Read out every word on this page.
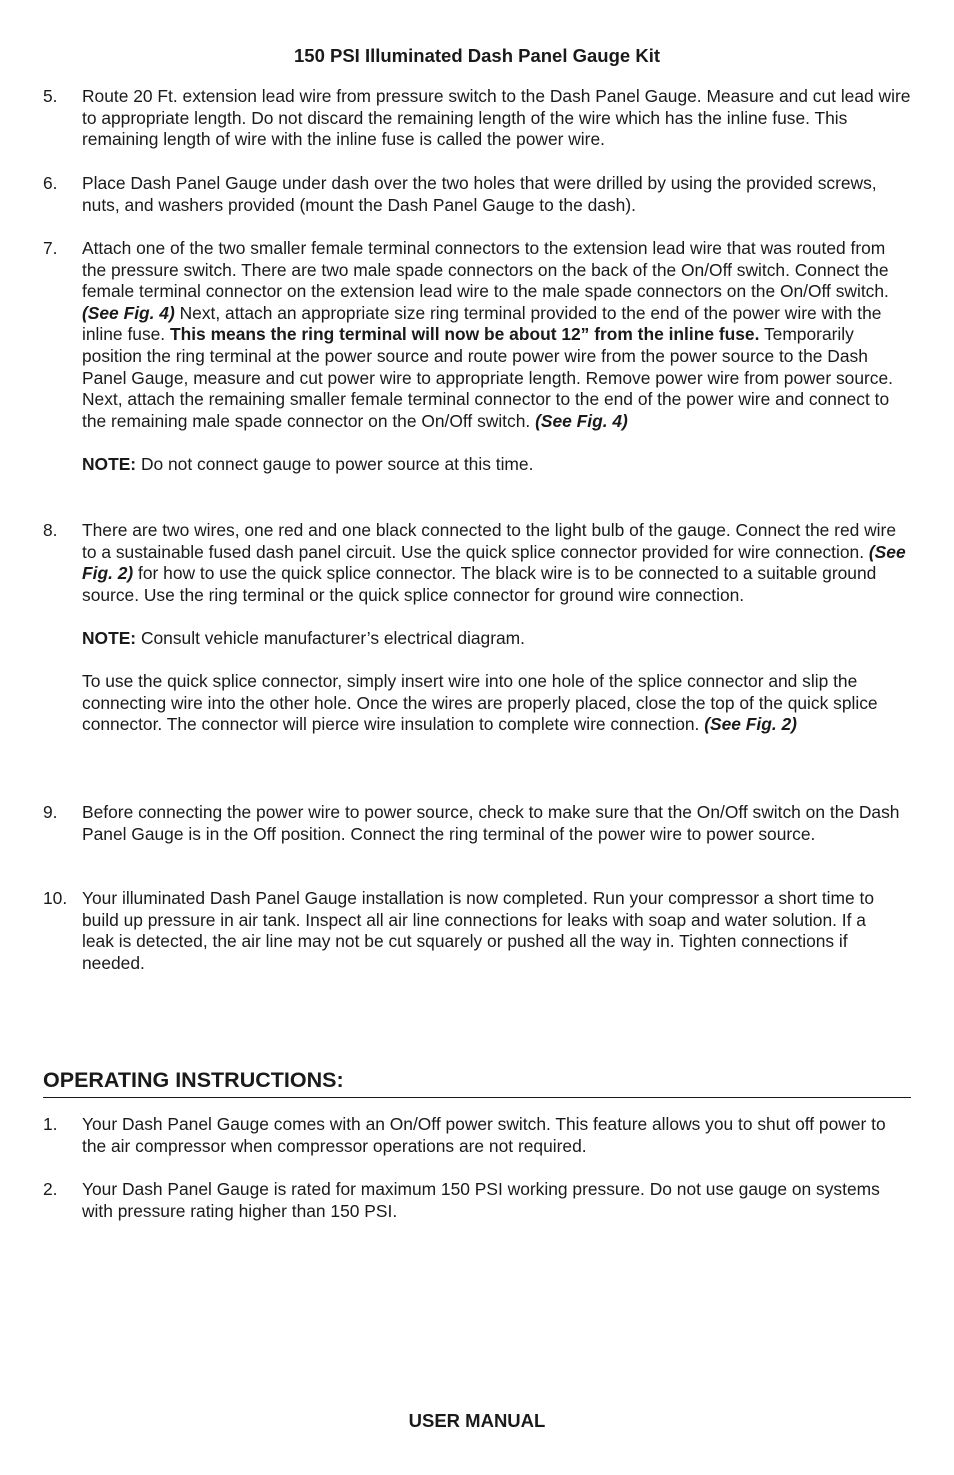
150 PSI Illuminated Dash Panel Gauge Kit
5.	Route 20 Ft. extension lead wire from pressure switch to the Dash Panel Gauge. Measure and cut lead wire to appropriate length. Do not discard the remaining length of the wire which has the inline fuse. This remaining length of wire with the inline fuse is called the power wire.

6.	Place Dash Panel Gauge under dash over the two holes that were drilled by using the provided screws, nuts, and washers provided (mount the Dash Panel Gauge to the dash).

7.	Attach one of the two smaller female terminal connectors to the extension lead wire that was routed from the pressure switch. There are two male spade connectors on the back of the On/Off switch. Connect the female terminal connector on the extension lead wire to the male spade connectors on the On/Off switch. (See Fig. 4) Next, attach an appropriate size ring terminal provided to the end of the power wire with the inline fuse. This means the ring terminal will now be about 12” from the inline fuse. Temporarily position the ring terminal at the power source and route power wire from the power source to the Dash Panel Gauge, measure and cut power wire to appropriate length. Remove power wire from power source. Next, attach the remaining smaller female terminal connector to the end of the power wire and connect to the remaining male spade connector on the On/Off switch. (See Fig. 4)

NOTE: Do not connect gauge to power source at this time.

8.	There are two wires, one red and one black connected to the light bulb of the gauge. Connect the red wire to a sustainable fused dash panel circuit. Use the quick splice connector provided for wire connection. (See Fig. 2) for how to use the quick splice connector. The black wire is to be connected to a suitable ground source. Use the ring terminal or the quick splice connector for ground wire connection.

NOTE: Consult vehicle manufacturer’s electrical diagram.

To use the quick splice connector, simply insert wire into one hole of the splice connector and slip the connecting wire into the other hole. Once the wires are properly placed, close the top of the quick splice connector. The connector will pierce wire insulation to complete wire connection. (See Fig. 2)

9.	Before connecting the power wire to power source, check to make sure that the On/Off switch on the Dash Panel Gauge is in the Off position. Connect the ring terminal of the power wire to power source.

10. Your illuminated Dash Panel Gauge installation is now completed. Run your compressor a short time to build up pressure in air tank. Inspect all air line connections for leaks with soap and water solution. If a leak is detected, the air line may not be cut squarely or pushed all the way in. Tighten connections if needed.

OPERATING INSTRUCTIONS:
1.	Your Dash Panel Gauge comes with an On/Off power switch. This feature allows you to shut off power to the air compressor when compressor operations are not required.

2.	Your Dash Panel Gauge is rated for maximum 150 PSI working pressure. Do not use gauge on systems with pressure rating higher than 150 PSI.

USER MANUAL
